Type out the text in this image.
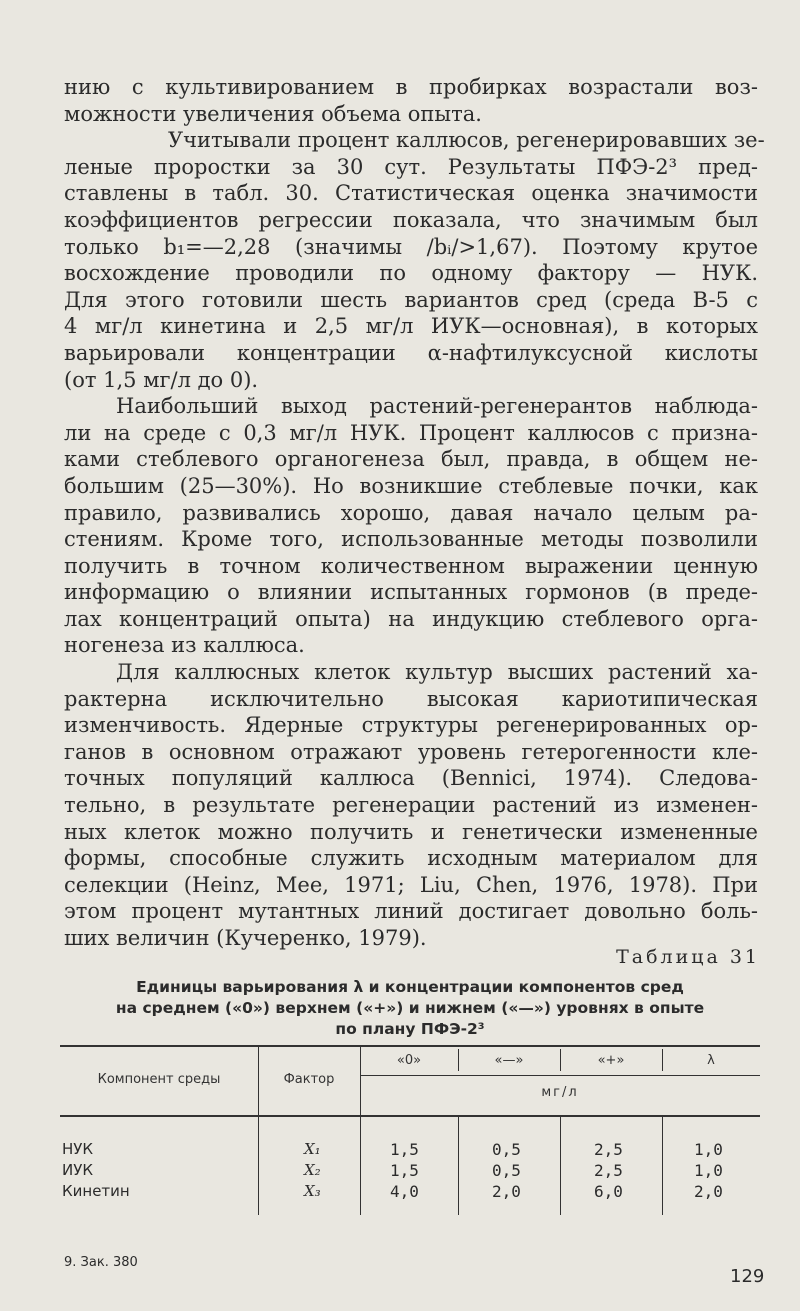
нию с культивированием в пробирках возрастали воз-
можности увеличения объема опыта.
Учитывали процент каллюсов, регенерировавших зе-
леные проростки за 30 сут. Результаты ПФЭ-2³ пред-
ставлены в табл. 30. Статистическая оценка значимости
коэффициентов регрессии показала, что значимым был
только b₁=—2,28 (значимы /bᵢ/>1,67). Поэтому крутое
восхождение проводили по одному фактору — НУК.
Для этого готовили шесть вариантов сред (среда B-5 с
4 мг/л кинетина и 2,5 мг/л ИУК—основная), в которых
варьировали концентрации α-нафтилуксусной кислоты
(от 1,5 мг/л до 0).
Наибольший выход растений-регенерантов наблюда-
ли на среде с 0,3 мг/л НУК. Процент каллюсов с призна-
ками стеблевого органогенеза был, правда, в общем не-
большим (25—30%). Но возникшие стеблевые почки, как
правило, развивались хорошо, давая начало целым ра-
стениям. Кроме того, использованные методы позволили
получить в точном количественном выражении ценную
информацию о влиянии испытанных гормонов (в преде-
лах концентраций опыта) на индукцию стеблевого орга-
ногенеза из каллюса.
Для каллюсных клеток культур высших растений ха-
рактерна исключительно высокая кариотипическая
изменчивость. Ядерные структуры регенерированных ор-
ганов в основном отражают уровень гетерогенности кле-
точных популяций каллюса (Bennici, 1974). Следова-
тельно, в результате регенерации растений из изменен-
ных клеток можно получить и генетически измененные
формы, способные служить исходным материалом для
селекции (Heinz, Mee, 1971; Liu, Chen, 1976, 1978). При
этом процент мутантных линий достигает довольно боль-
ших величин (Кучеренко, 1979).
Таблица 31
Единицы варьирования λ и концентрации компонентов сред
на среднем («0») верхнем («+») и нижнем («—») уровнях в опыте
по плану ПФЭ-2³
Компонент среды	Фактор
«0»	«—»	«+»	λ
мг/л
НУК	X₁	1,5	0,5	2,5	1,0
ИУК	X₂	1,5	0,5	2,5	1,0
Кинетин	X₃	4,0	2,0	6,0	2,0
9. Зак. 380
129
